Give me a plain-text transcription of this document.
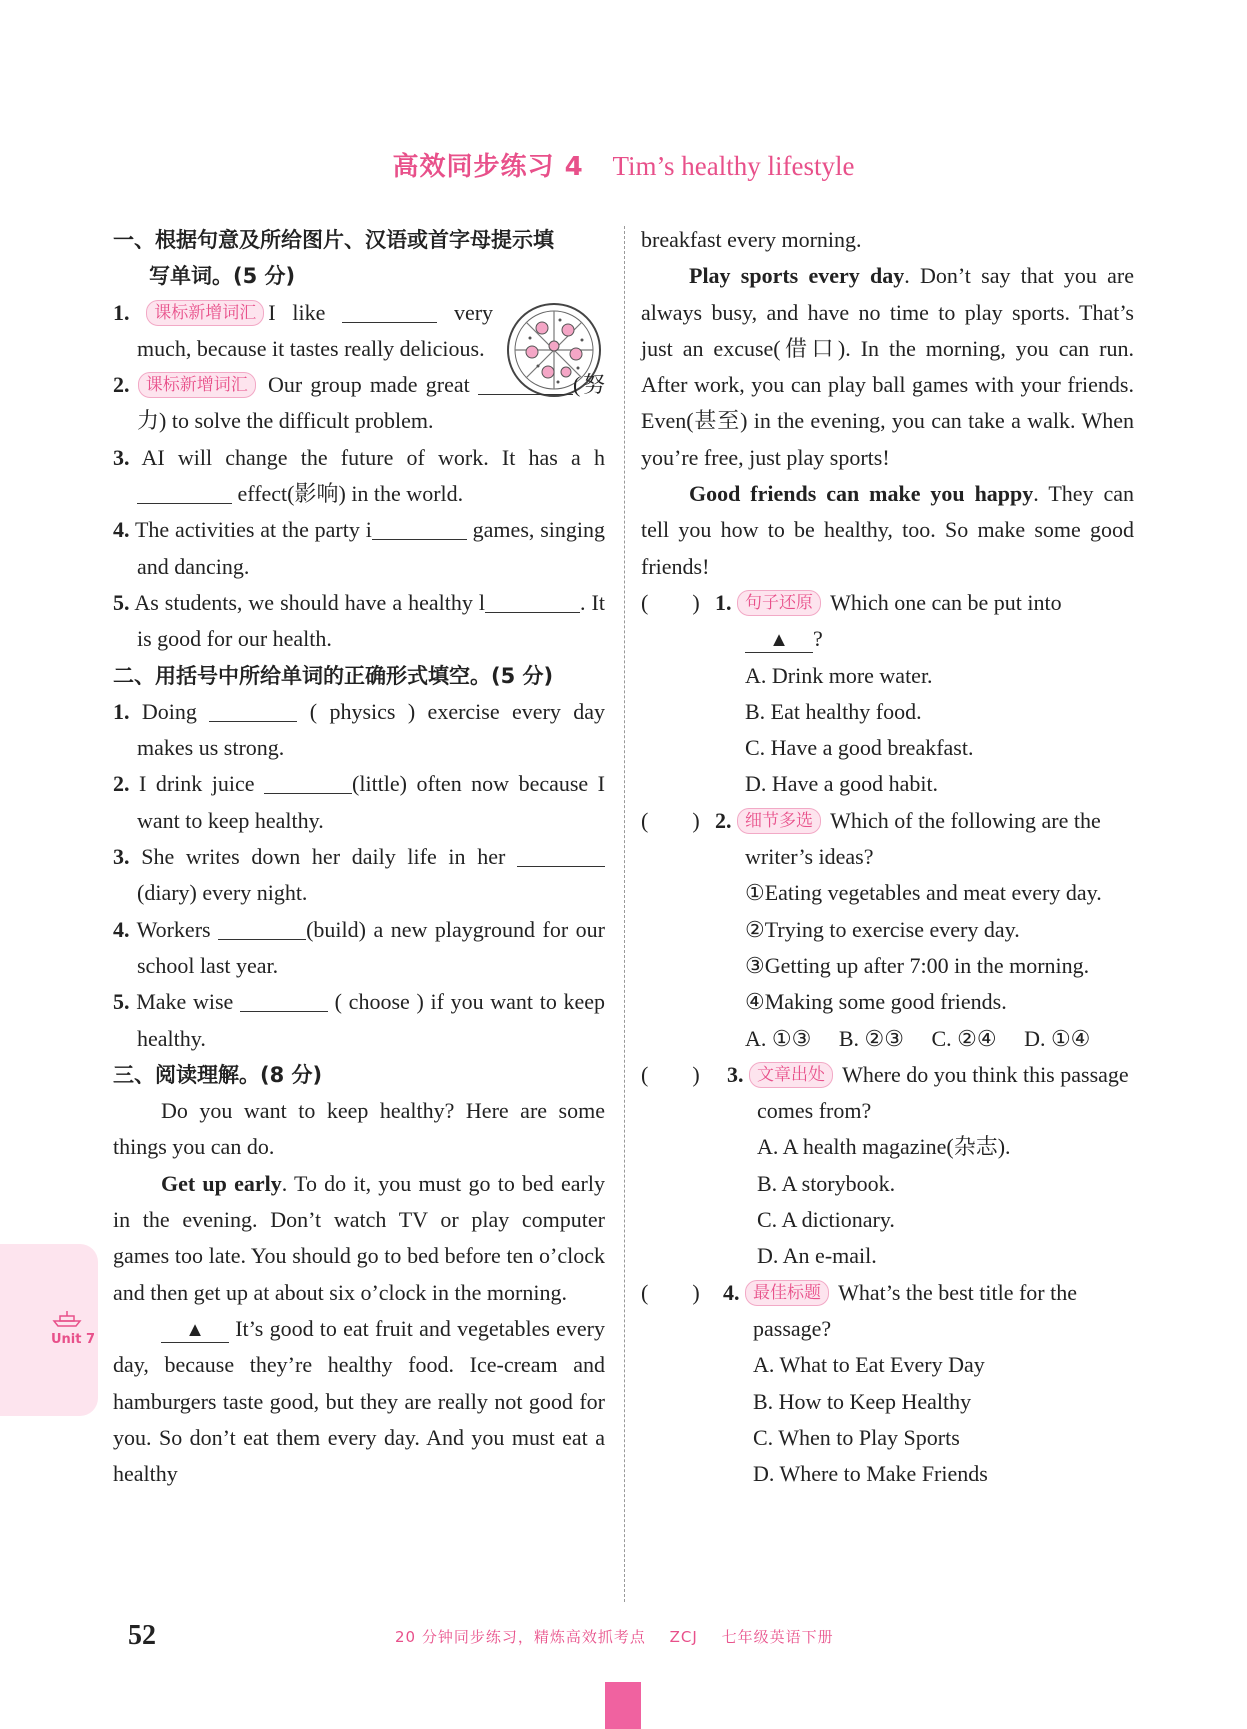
高效同步练习 4 Tim’s healthy lifestyle
一、根据句意及所给图片、汉语或首字母提示填
写单词。(5 分)
1. 课标新增词汇 I like	very much, because it tastes really delicious.
2. 课标新增词汇 Our group made great	(努力) to solve the difficult problem.
3. AI will change the future of work. It has a h effect(影响) in the world.
4. The activities at the party i	games, singing and dancing.
5. As students, we should have a healthy l	. It is good for our health.
二、用括号中所给单词的正确形式填空。(5 分)
1. Doing	( physics ) exercise every day makes us strong.
2. I drink juice	(little) often now because I want to keep healthy.
3. She writes down her daily life in her (diary) every night.
4. Workers	(build) a new playground for our school last year.
5. Make wise	( choose ) if you want to keep healthy.
三、阅读理解。(8 分)
Do you want to keep healthy? Here are some things you can do.
Get up early. To do it, you must go to bed early in the evening. Don’t watch TV or play computer games too late. You should go to bed before ten o’clock and then get up at about six o’clock in the morning.
▲ It’s good to eat fruit and vegetables every day, because they’re healthy food. Ice-cream and hamburgers taste good, but they are really not good for you. So don’t eat them every day. And you must eat a healthy
breakfast every morning.
Play sports every day. Don’t say that you are always busy, and have no time to play sports. That’s just an excuse(借口). In the morning, you can run. After work, you can play ball games with your friends. Even(甚至) in the evening, you can take a walk. When you’re free, just play sports!
Good friends can make you happy. They can tell you how to be healthy, too. So make some good friends!
(　　) 1. 句子还原 Which one can be put into
▲ ?
A. Drink more water.
B. Eat healthy food.
C. Have a good breakfast.
D. Have a good habit.
(　　) 2. 细节多选 Which of the following are the writer’s ideas?
①Eating vegetables and meat every day.
②Trying to exercise every day.
③Getting up after 7:00 in the morning.
④Making some good friends.
A. ①③　 B. ②③　 C. ②④　 D. ①④
(　　) 3. 文章出处 Where do you think this passage comes from?
A. A health magazine(杂志).
B. A storybook.
C. A dictionary.
D. An e-mail.
(　　) 4. 最佳标题 What’s the best title for the passage?
A. What to Eat Every Day
B. How to Keep Healthy
C. When to Play Sports
D. Where to Make Friends
Unit 7
52	20 分钟同步练习，精炼高效抓考点 ZCJ 七年级英语下册
